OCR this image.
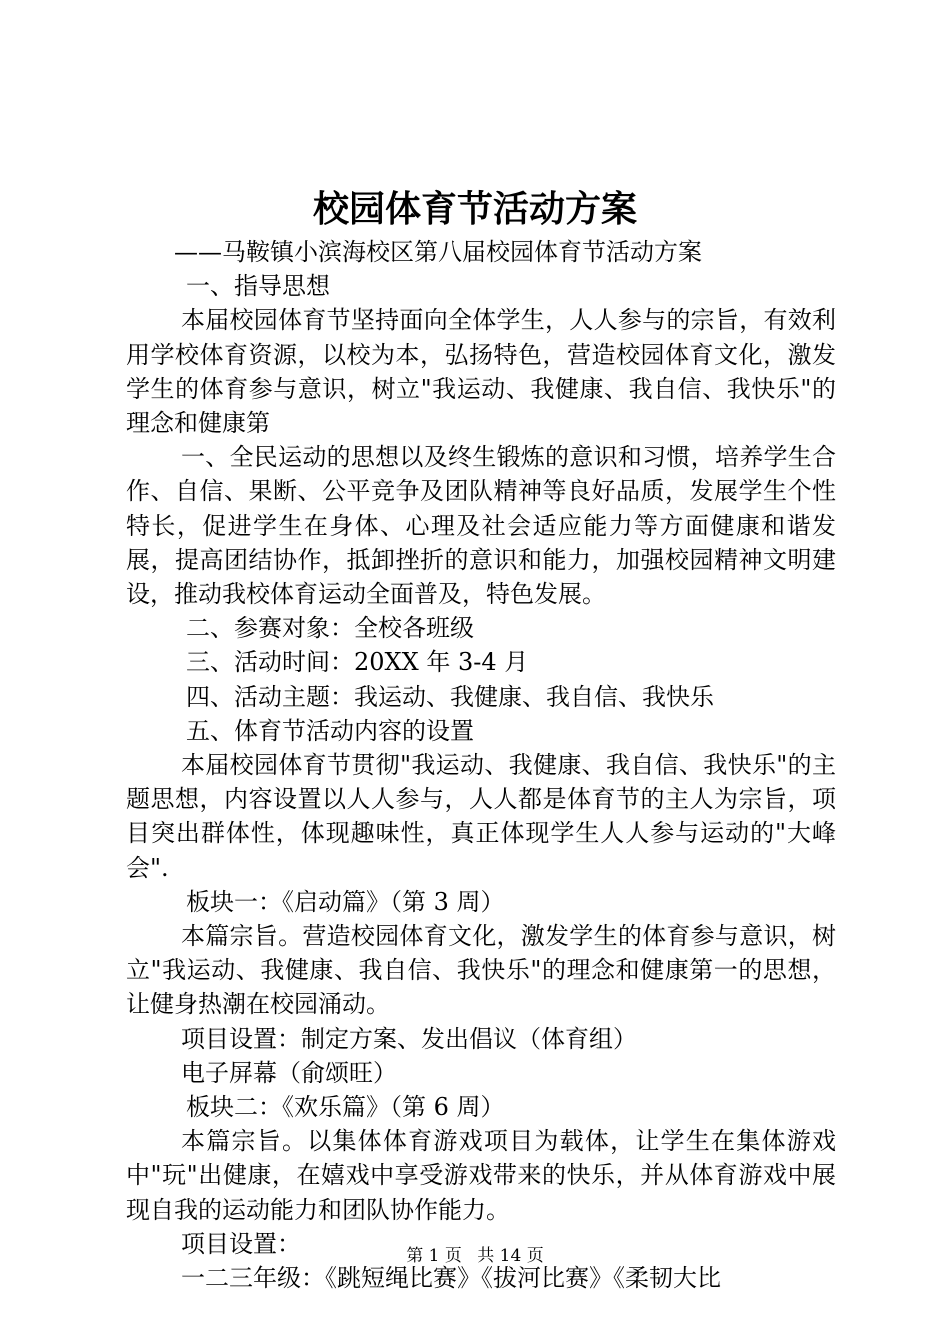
校园体育节活动方案

——马鞍镇小滨海校区第八届校园体育节活动方案

一、指导思想

本届校园体育节坚持面向全体学生，人人参与的宗旨，有效利用学校体育资源，以校为本，弘扬特色，营造校园体育文化，激发学生的体育参与意识，树立"我运动、我健康、我自信、我快乐"的理念和健康第

一、全民运动的思想以及终生锻炼的意识和习惯，培养学生合作、自信、果断、公平竞争及团队精神等良好品质，发展学生个性特长，促进学生在身体、心理及社会适应能力等方面健康和谐发展，提高团结协作，抵卸挫折的意识和能力，加强校园精神文明建设，推动我校体育运动全面普及，特色发展。

二、参赛对象：全校各班级

三、活动时间：20XX 年 3-4 月

四、活动主题：我运动、我健康、我自信、我快乐

五、体育节活动内容的设置

本届校园体育节贯彻"我运动、我健康、我自信、我快乐"的主题思想，内容设置以人人参与，人人都是体育节的主人为宗旨，项目突出群体性，体现趣味性，真正体现学生人人参与运动的"大峰会".

板块一：《启动篇》（第 3 周）

本篇宗旨。营造校园体育文化，激发学生的体育参与意识，树立"我运动、我健康、我自信、我快乐"的理念和健康第一的思想，让健身热潮在校园涌动。

项目设置：制定方案、发出倡议（体育组）

电子屏幕（俞颂旺）

板块二：《欢乐篇》（第 6 周）

本篇宗旨。以集体体育游戏项目为载体，让学生在集体游戏中"玩"出健康，在嬉戏中享受游戏带来的快乐，并从体育游戏中展现自我的运动能力和团队协作能力。

项目设置：

一二三年级：《跳短绳比赛》《拔河比赛》《柔韧大比

第 1 页 共 14 页
